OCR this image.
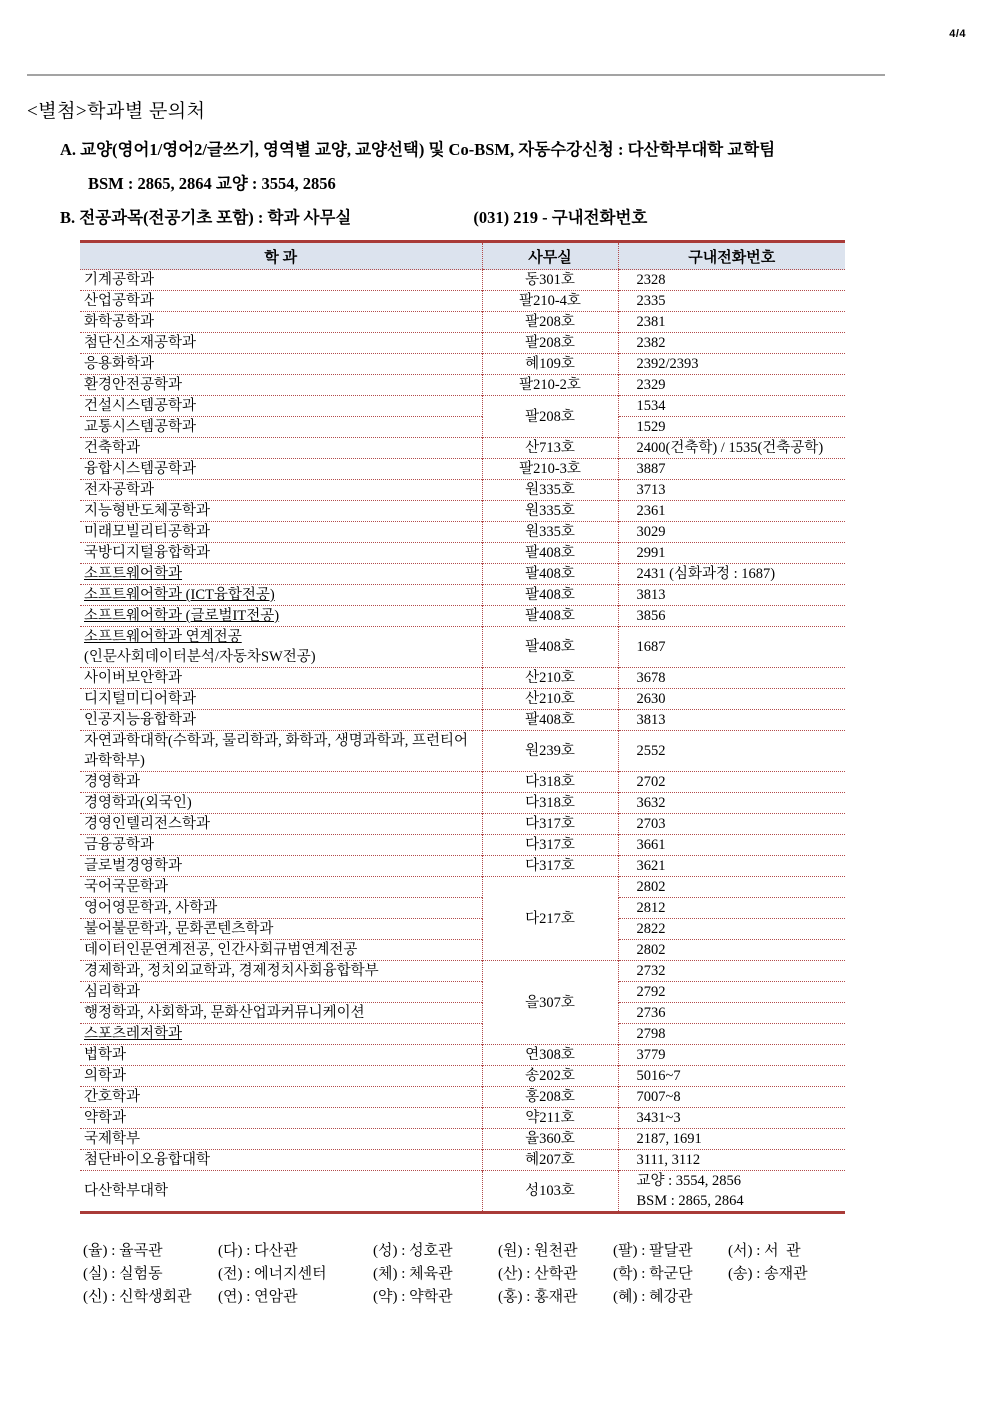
4/4
<별첨>학과별 문의처
A. 교양(영어1/영어2/글쓰기, 영역별 교양, 교양선택) 및 Co-BSM, 자동수강신청 : 다산학부대학 교학팀
BSM : 2865, 2864 교양 : 3554, 2856
B. 전공과목(전공기초 포함) : 학과 사무실	(031) 219 - 구내전화번호
학 과	사무실	구내전화번호
기계공학과	동301호	2328
산업공학과	팔210-4호	2335
화학공학과	팔208호	2381
첨단신소재공학과	팔208호	2382
응용화학과	혜109호	2392/2393
환경안전공학과	팔210-2호	2329
건설시스템공학과	팔208호	1534
교통시스템공학과		1529
건축학과	산713호	2400(건축학) / 1535(건축공학)
융합시스템공학과	팔210-3호	3887
전자공학과	원335호	3713
지능형반도체공학과	원335호	2361
미래모빌리티공학과	원335호	3029
국방디지털융합학과	팔408호	2991
소프트웨어학과	팔408호	2431 (심화과정 : 1687)
소프트웨어학과 (ICT융합전공)	팔408호	3813
소프트웨어학과 (글로벌IT전공)	팔408호	3856
소프트웨어학과 연계전공
(인문사회데이터분석/자동차SW전공)	팔408호	1687
사이버보안학과	산210호	3678
디지털미디어학과	산210호	2630
인공지능융합학과	팔408호	3813
자연과학대학(수학과, 물리학과, 화학과, 생명과학과, 프런티어
과학학부)	원239호	2552
경영학과	다318호	2702
경영학과(외국인)	다318호	3632
경영인텔리전스학과	다317호	2703
금융공학과	다317호	3661
글로벌경영학과	다317호	3621
국어국문학과	다217호	2802
영어영문학과, 사학과		2812
불어불문학과, 문화콘텐츠학과		2822
데이터인문연계전공, 인간사회규범연계전공		2802
경제학과, 정치외교학과, 경제정치사회융합학부	을307호	2732
심리학과		2792
행정학과, 사회학과, 문화산업과커뮤니케이션		2736
스포츠레저학과		2798
법학과	연308호	3779
의학과	송202호	5016~7
간호학과	홍208호	7007~8
약학과	약211호	3431~3
국제학부	율360호	2187, 1691
첨단바이오융합대학	혜207호	3111, 3112
다산학부대학	성103호	교양 : 3554, 2856
BSM : 2865, 2864
(율) : 율곡관	(다) : 다산관	(성) : 성호관	(원) : 원천관	(팔) : 팔달관	(서) : 서  관
(실) : 실험동	(전) : 에너지센터	(체) : 체육관	(산) : 산학관	(학) : 학군단	(송) : 송재관
(신) : 신학생회관	(연) : 연암관	(약) : 약학관	(홍) : 홍재관	(혜) : 혜강관
